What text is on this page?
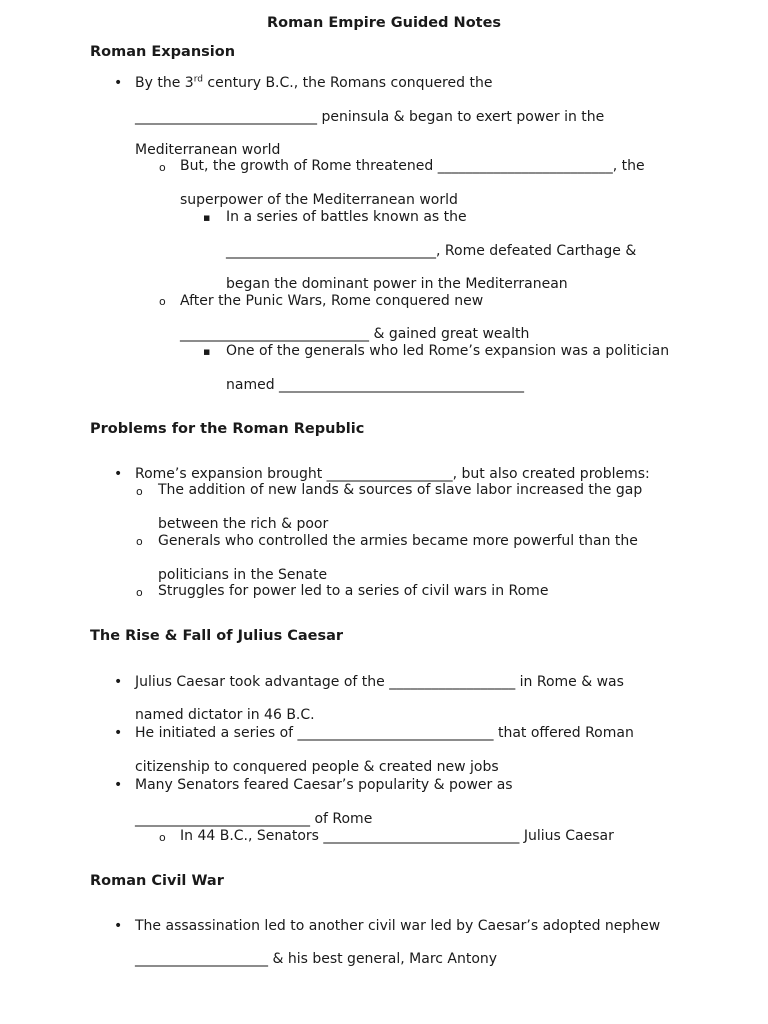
Roman Empire Guided Notes
Roman Expansion
• By the 3rd century B.C., the Romans conquered the
__________________________ peninsula & began to exert power in the
Mediterranean world
o But, the growth of Rome threatened _________________________, the
superpower of the Mediterranean world
▪ In a series of battles known as the
______________________________, Rome defeated Carthage &
began the dominant power in the Mediterranean
o After the Punic Wars, Rome conquered new
___________________________ & gained great wealth
▪ One of the generals who led Rome’s expansion was a politician
named ___________________________________
Problems for the Roman Republic
• Rome’s expansion brought __________________, but also created problems:
o The addition of new lands & sources of slave labor increased the gap
between the rich & poor
o Generals who controlled the armies became more powerful than the
politicians in the Senate
o Struggles for power led to a series of civil wars in Rome
The Rise & Fall of Julius Caesar
• Julius Caesar took advantage of the __________________ in Rome & was
named dictator in 46 B.C.
• He initiated a series of ____________________________ that offered Roman
citizenship to conquered people & created new jobs
• Many Senators feared Caesar’s popularity & power as
_________________________ of Rome
o In 44 B.C., Senators ____________________________ Julius Caesar
Roman Civil War
• The assassination led to another civil war led by Caesar’s adopted nephew
___________________ & his best general, Marc Antony
